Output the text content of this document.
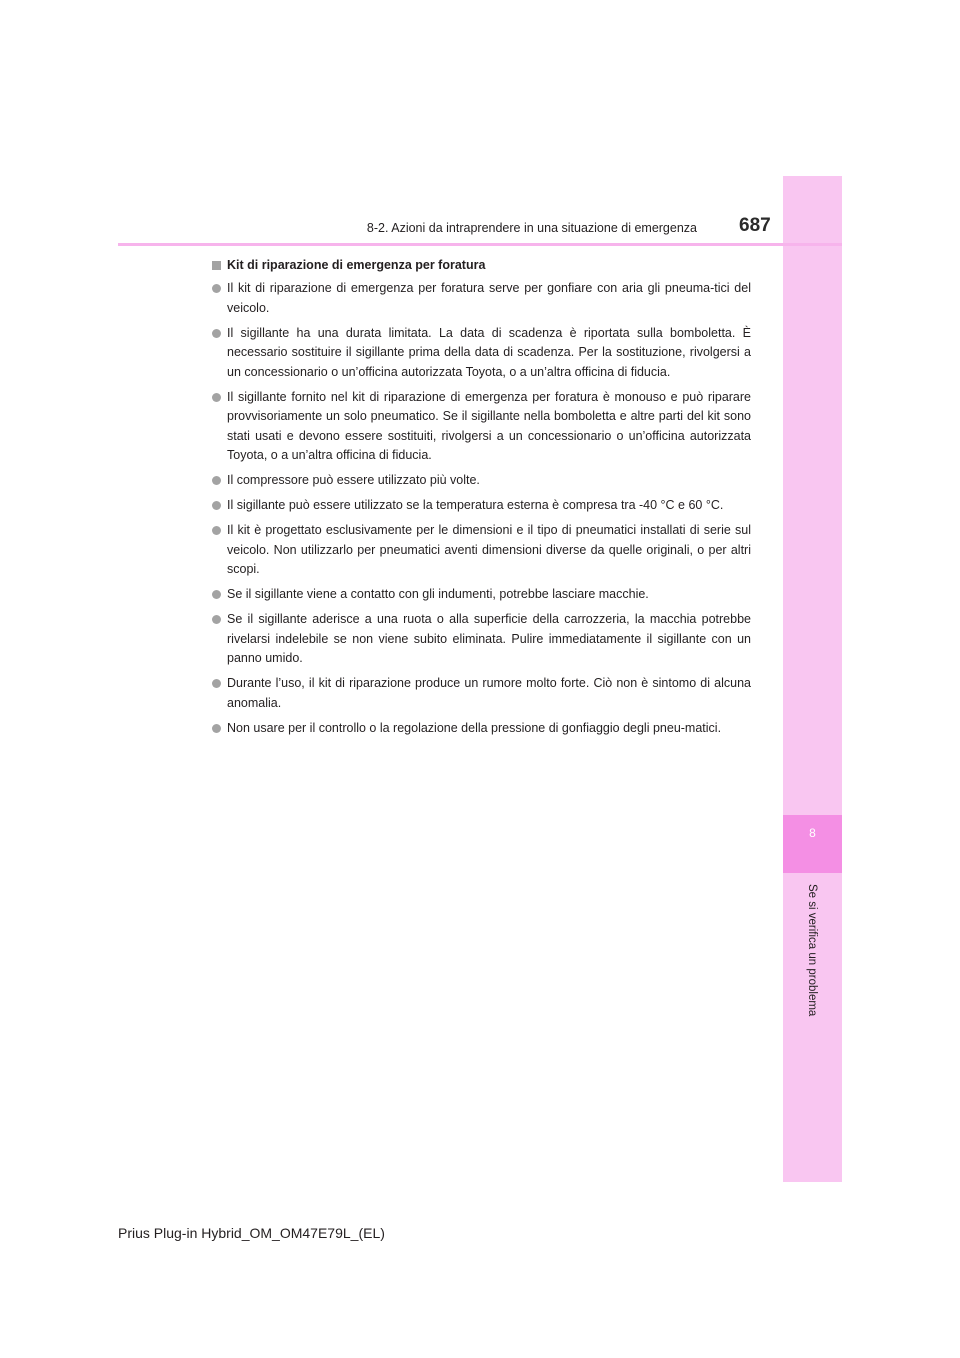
8
Se si verifica un problema
8-2. Azioni da intraprendere in una situazione di emergenza 687
Kit di riparazione di emergenza per foratura
Il kit di riparazione di emergenza per foratura serve per gonfiare con aria gli pneuma-tici del veicolo.
Il sigillante ha una durata limitata. La data di scadenza è riportata sulla bomboletta. È necessario sostituire il sigillante prima della data di scadenza. Per la sostituzione, rivolgersi a un concessionario o un’officina autorizzata Toyota, o a un’altra officina di fiducia.
Il sigillante fornito nel kit di riparazione di emergenza per foratura è monouso e può riparare provvisoriamente un solo pneumatico. Se il sigillante nella bomboletta e altre parti del kit sono stati usati e devono essere sostituiti, rivolgersi a un concessionario o un’officina autorizzata Toyota, o a un’altra officina di fiducia.
Il compressore può essere utilizzato più volte.
Il sigillante può essere utilizzato se la temperatura esterna è compresa tra -40 °C e 60 °C.
Il kit è progettato esclusivamente per le dimensioni e il tipo di pneumatici installati di serie sul veicolo. Non utilizzarlo per pneumatici aventi dimensioni diverse da quelle originali, o per altri scopi.
Se il sigillante viene a contatto con gli indumenti, potrebbe lasciare macchie.
Se il sigillante aderisce a una ruota o alla superficie della carrozzeria, la macchia potrebbe rivelarsi indelebile se non viene subito eliminata. Pulire immediatamente il sigillante con un panno umido.
Durante l’uso, il kit di riparazione produce un rumore molto forte. Ciò non è sintomo di alcuna anomalia.
Non usare per il controllo o la regolazione della pressione di gonfiaggio degli pneu-matici.
Prius Plug-in Hybrid_OM_OM47E79L_(EL)
